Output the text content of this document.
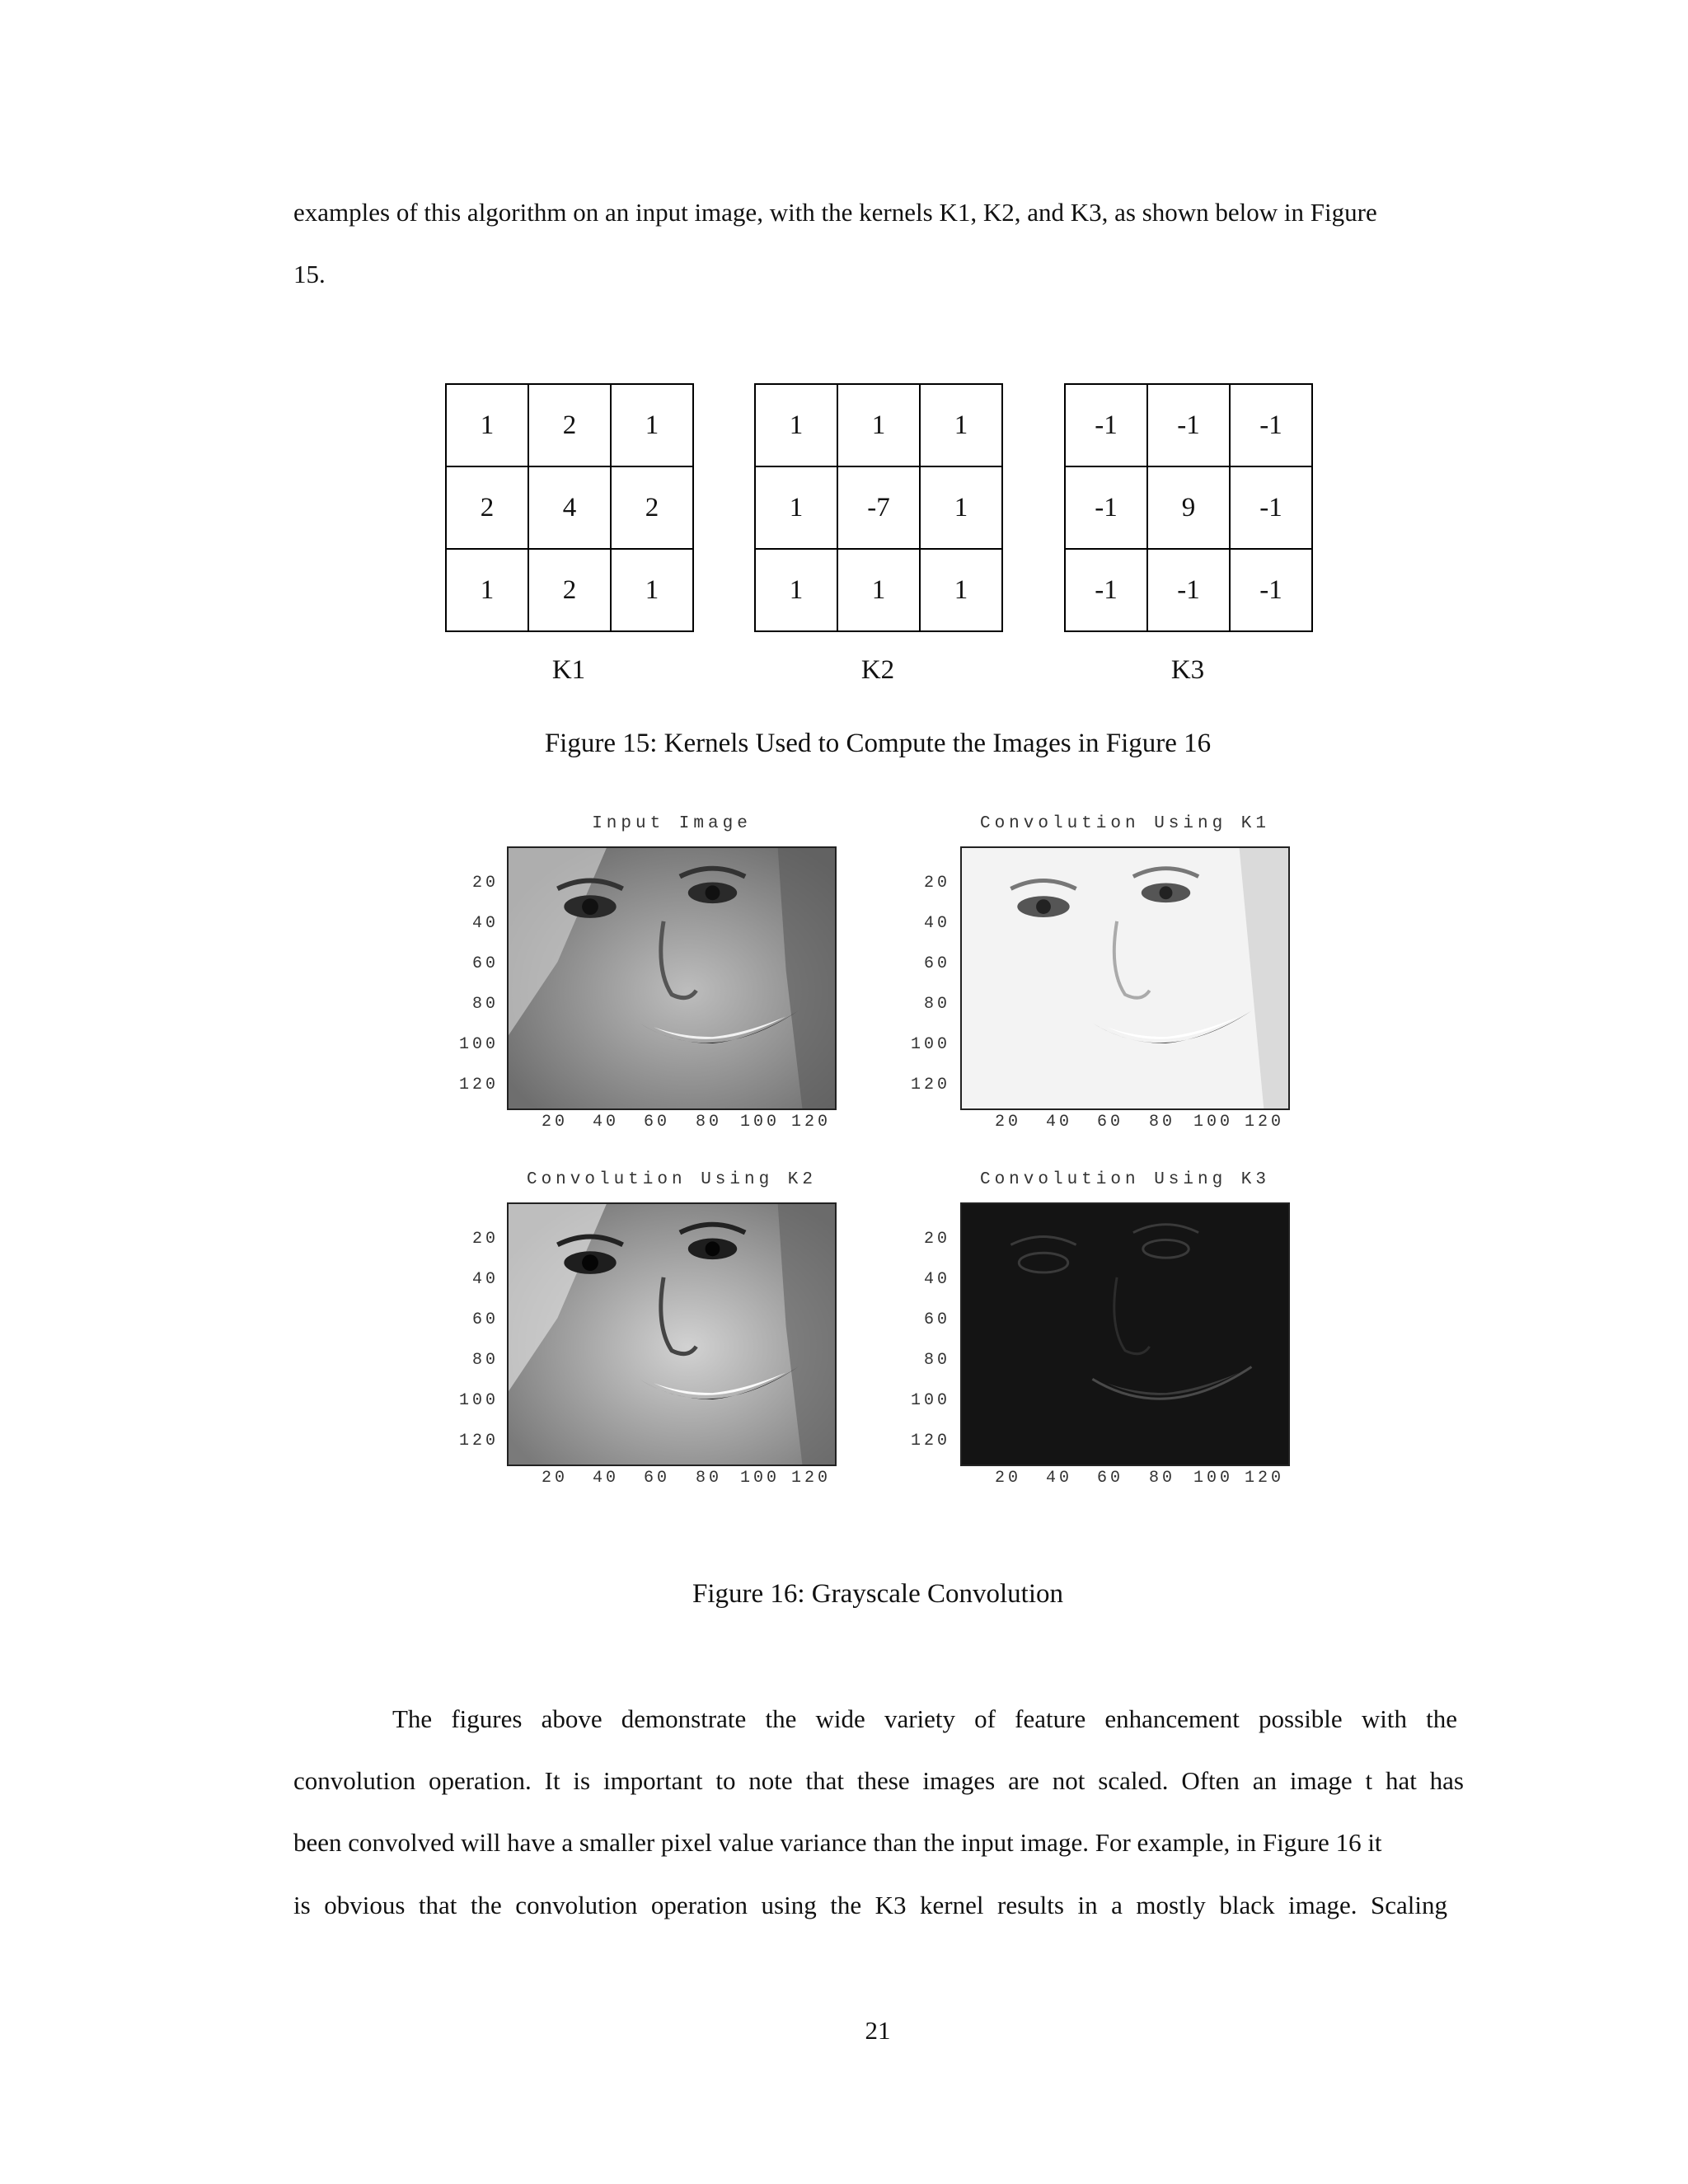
examples of this algorithm on an input image, with the kernels K1, K2, and K3, as shown below in Figure
15.
1	2	1
2	4	2
1	2	1
1	1	1
1	-7	1
1	1	1
-1	-1	-1
-1	9	-1
-1	-1	-1
K1	K2	K3
Figure 15: Kernels Used to Compute the Images in Figure 16
Input Image	Convolution Using K1
Convolution Using K2	Convolution Using K3
20
40
60
80
100
120
20
40
60
80
100
120
20
40
60
80
100
120
20
40
60
80
100
120
20	40	60	80	100 120	20	40	60	80	100 120
20	40	60	80	100 120	20	40	60	80	100 120
Figure 16: Grayscale Convolution
The figures above demonstrate the wide variety of feature enhancement possible with the
convolution operation. It is important to note that these images are not scaled. Often an image t hat has
been convolved will have a smaller pixel value variance than the input image. For example, in Figure 16 it
is obvious that the convolution operation using the K3 kernel results in a mostly black image. Scaling
21
